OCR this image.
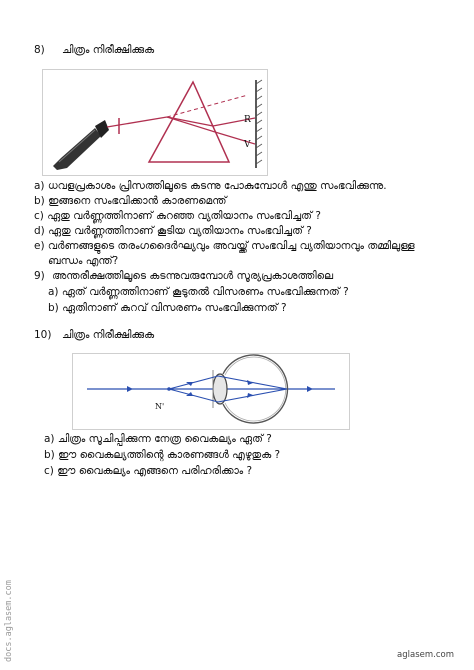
8) ചിത്രം നിരീക്ഷിക്കുക
R
V
a) ധവളപ്രകാശം പ്രിസത്തിലൂടെ കടന്നു പോകുമ്പോൾ എന്തു സംഭവിക്കുന്നു.
b) ഇങ്ങനെ സംഭവിക്കാൻ കാരണമെന്ത്
c) ഏതു വർണ്ണത്തിനാണ് കുറഞ്ഞ വ്യതിയാനം സംഭവിച്ചത് ?
d) ഏതു വർണ്ണത്തിനാണ് കൂടിയ വ്യതിയാനം സംഭവിച്ചത് ?
e) വർണങ്ങളുടെ തരംഗദൈർഘ്യവും അവയ്ക്ക് സംഭവിച്ച വ്യതിയാനവും തമ്മിലുള്ള
ബന്ധം എന്ത്?
9) അന്തരീക്ഷത്തിലൂടെ കടന്നുവരുമ്പോൾ സൂര്യപ്രകാശത്തിലെ
a) ഏത് വർണ്ണത്തിനാണ് കൂടുതൽ വിസരണം സംഭവിക്കുന്നത് ?
b) ഏതിനാണ് കുറവ് വിസരണം സംഭവിക്കുന്നത് ?
10) ചിത്രം നിരീക്ഷിക്കുക
N'
a) ചിത്രം സൂചിപ്പിക്കുന്ന നേത്ര വൈകല്യം ഏത് ?
b) ഈ വൈകല്യത്തിന്റെ കാരണങ്ങൾ എഴുതുക ?
c) ഈ വൈകല്യം എങ്ങനെ പരിഹരിക്കാം ?
docs.aglasem.com	aglasem.com
